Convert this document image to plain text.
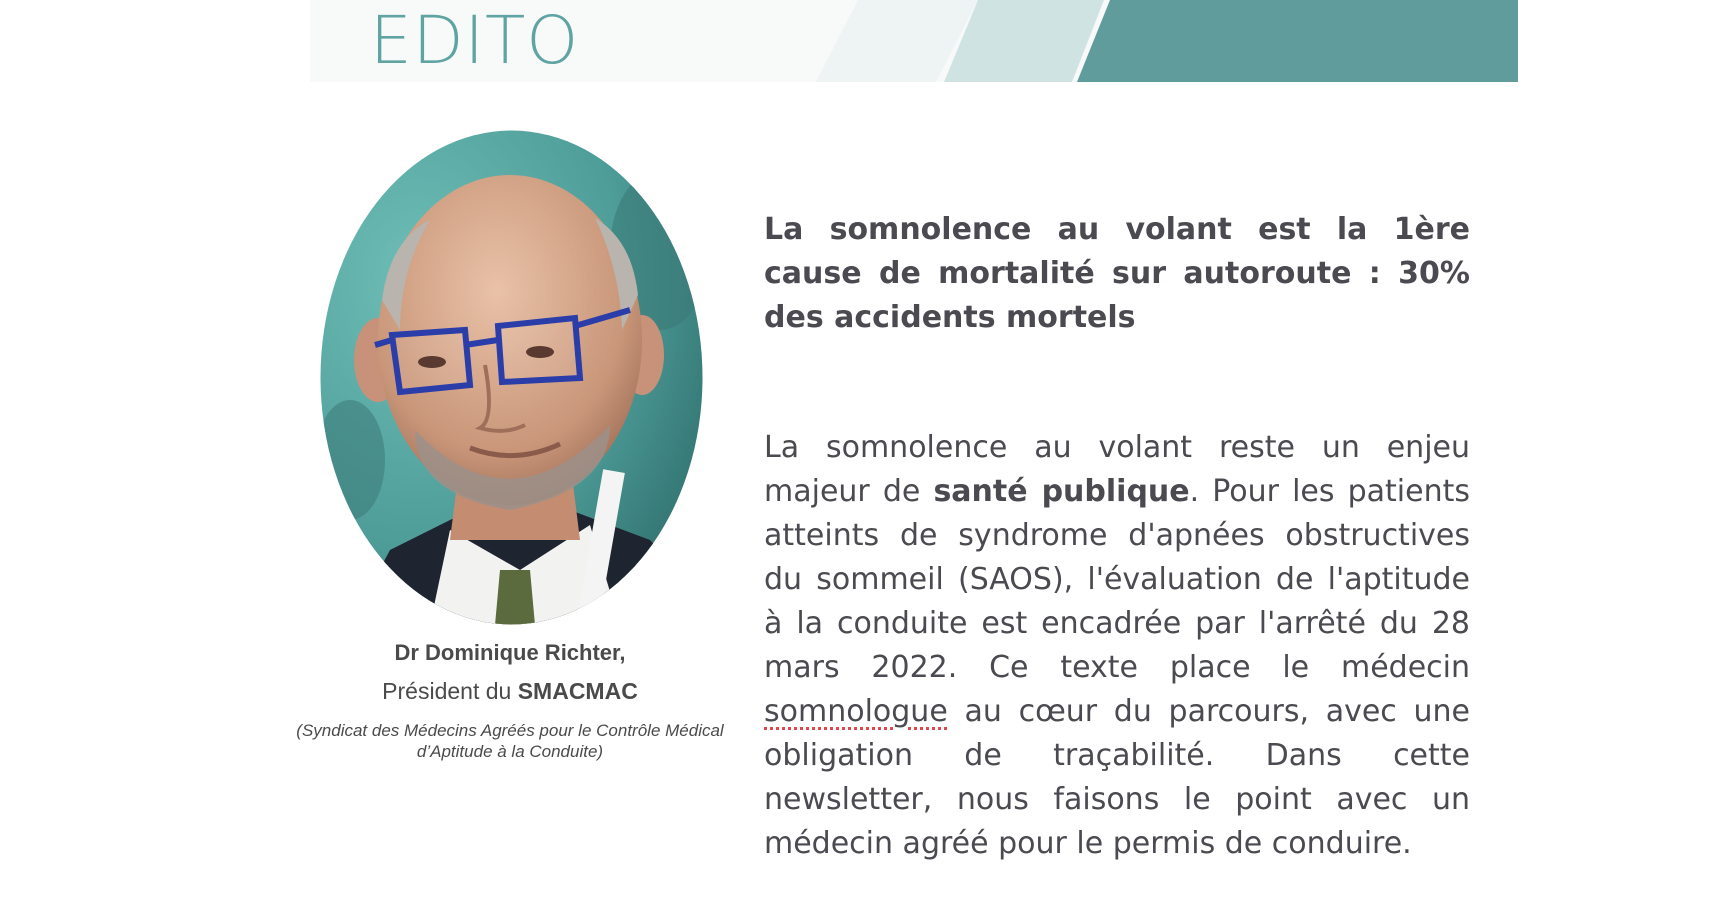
EDITO
Dr Dominique Richter,
Président du SMACMAC
(Syndicat des Médecins Agréés pour le Contrôle Médical d’Aptitude à la Conduite)
La somnolence au volant est la 1ère cause de mortalité sur autoroute : 30% des accidents mortels
La somnolence au volant reste un enjeu majeur de santé publique. Pour les patients atteints de syndrome d'apnées obstructives du sommeil (SAOS), l'évaluation de l'aptitude à la conduite est encadrée par l'arrêté du 28 mars 2022. Ce texte place le médecin somnologue au cœur du parcours, avec une obligation de traçabilité. Dans cette newsletter, nous faisons le point avec un médecin agréé pour le permis de conduire.
